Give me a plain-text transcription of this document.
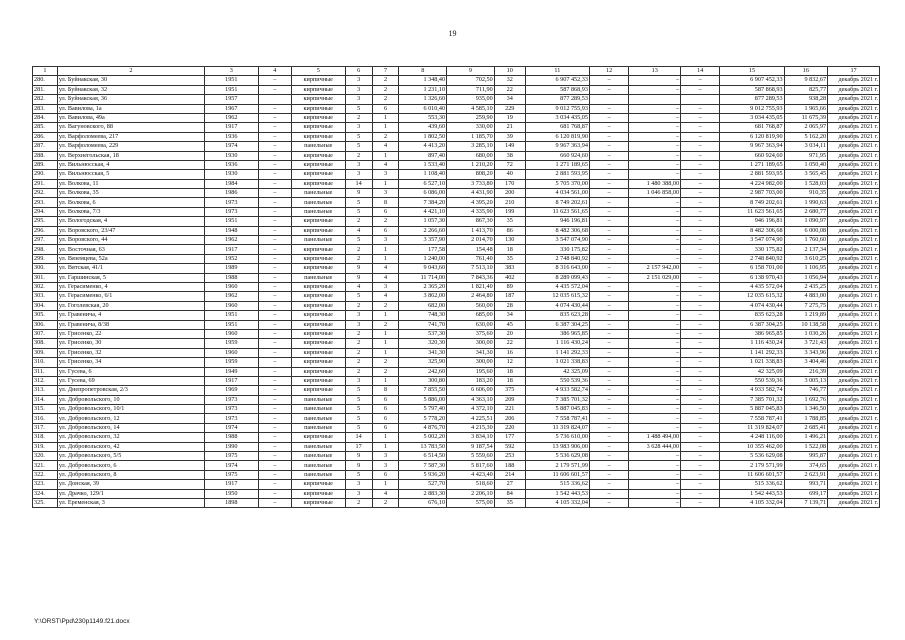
19
1	2	3	4	5	6	7	8	9	10	11	12	13	14	15	16	17
280.	ул. Буйнакская, 30	1951	–	кирпичные	3	2	1 348,40	702,50	32	6 907 452,33	–	–	–	6 907 452,33	9 832,67	декабрь 2021 г.
281.	ул. Буйнакская, 32	1951	–	кирпичные	3	2	1 231,10	711,90	22	587 868,93	–	–	–	587 868,93	825,77	декабрь 2021 г.
282.	ул. Буйнакская, 36	1957		кирпичные	3	2	1 326,60	935,00	34	877 289,53				877 289,53	938,28	декабрь 2021 г.
283.	ул. Вавилова, 1а	1967	–	кирпичные	5	6	6 010,40	4 585,10	229	9 012 755,93	–	–	–	9 012 755,93	1 965,66	декабрь 2021 г.
284.	ул. Вавилова, 49а	1962	–	кирпичные	2	1	553,30	259,90	19	3 034 435,05	–	–	–	3 034 435,05	11 675,39	декабрь 2021 г.
285.	ул. Вагуновского, 88	1917	–	кирпичные	3	1	439,60	330,00	21	681 768,87	–	–	–	681 768,87	2 065,97	декабрь 2021 г.
286.	ул. Варфоломеева, 217	1936	–	кирпичные	5	2	1 802,50	1 185,70	39	6 120 819,90	–	–	–	6 120 819,90	5 162,20	декабрь 2021 г.
287.	ул. Варфоломеева, 229	1974	–	панельные	5	4	4 413,20	3 285,10	149	9 967 363,94	–	–	–	9 967 363,94	3 034,11	декабрь 2021 г.
288.	ул. Верхнегольская, 18	1930	–	кирпичные	2	1	897,40	680,00	38	660 924,60	–	–	–	660 924,60	971,95	декабрь 2021 г.
289.	ул. Вильнюсская, 4	1936	–	кирпичные	3	4	1 533,40	1 210,20	72	1 271 189,65	–	–	–	1 271 189,65	1 050,40	декабрь 2021 г.
290.	ул. Вильнюсская, 5	1930	–	кирпичные	3	3	1 108,40	808,20	40	2 881 593,95	–	–	–	2 881 593,95	3 565,45	декабрь 2021 г.
291.	ул. Волкова, 11	1984	–	кирпичные	14	1	6 527,10	3 733,80	170	5 705 370,00	–	1 480 388,00	–	4 224 982,00	1 528,03	декабрь 2021 г.
292.	ул. Волкова, 35	1986	–	панельные	9	3	6 086,00	4 431,90	200	4 034 561,00	–	1 046 858,00	–	2 987 703,00	910,35	декабрь 2021 г.
293.	ул. Волкова, 6	1973	–	панельные	5	8	7 384,20	4 395,20	210	8 749 202,61	–	–	–	8 749 202,61	1 990,63	декабрь 2021 г.
294.	ул. Волкова, 7/3	1973	–	панельные	5	6	4 421,10	4 335,90	199	11 623 561,65	–	–	–	11 623 561,65	2 680,77	декабрь 2021 г.
295.	ул. Вологодская, 4	1951	–	кирпичные	2	2	1 057,30	867,30	35	946 196,81	–	–	–	946 196,81	1 090,97	декабрь 2021 г.
296.	ул. Воровского, 23/47	1948	–	кирпичные	4	6	2 266,60	1 413,70	86	8 482 306,68	–	–	–	8 482 306,68	6 000,08	декабрь 2021 г.
297.	ул. Воровского, 44	1962	–	панельные	5	3	3 357,90	2 014,70	130	3 547 074,90	–	–	–	3 547 074,90	1 760,60	декабрь 2021 г.
298.	ул. Восточная, 63	1917	–	кирпичные	2	1	177,58	154,48	18	330 175,82	–	–	–	330 175,82	2 137,34	декабрь 2021 г.
299.	ул. Вяземцева, 52а	1952	–	кирпичные	2	1	1 240,00	761,40	35	2 748 840,92	–	–	–	2 748 840,92	3 610,25	декабрь 2021 г.
300.	ул. Вятская, 41/1	1989	–	кирпичные	9	4	9 043,60	7 513,10	383	8 316 643,00	–	2 157 942,00	–	6 158 701,00	1 106,95	декабрь 2021 г.
301.	ул. Гаршинская, 5	1988	–	панельные	9	4	11 714,00	7 843,36	402	8 289 099,43	–	2 151 029,00	–	6 138 970,43	1 056,94	декабрь 2021 г.
302.	ул. Герасименко, 4	1960	–	кирпичные	4	3	2 365,20	1 821,40	89	4 435 572,04	–	–	–	4 435 572,04	2 435,25	декабрь 2021 г.
303.	ул. Герасименко, 6/1	1962	–	кирпичные	5	4	3 862,00	2 464,80	187	12 035 615,32	–	–	–	12 035 615,32	4 883,00	декабрь 2021 г.
304.	ул. Гоголевская, 20	1960	–	кирпичные	2	2	682,00	560,00	28	4 074 430,44	–	–	–	4 074 430,44	7 275,75	декабрь 2021 г.
305.	ул. Гравенича, 4	1951	–	кирпичные	3	1	748,30	685,00	34	835 623,28	–	–	–	835 623,28	1 219,89	декабрь 2021 г.
306.	ул. Гравенича, 8/38	1951	–	кирпичные	3	2	741,70	630,00	45	6 387 304,25	–	–	–	6 387 304,25	10 138,58	декабрь 2021 г.
307.	ул. Грисенко, 22	1960	–	кирпичные	2	1	537,30	375,60	20	386 965,85	–	–	–	386 965,85	1 030,26	декабрь 2021 г.
308.	ул. Грисенко, 30	1959	–	кирпичные	2	1	320,30	300,00	22	1 116 430,24	–	–	–	1 116 430,24	3 721,43	декабрь 2021 г.
309.	ул. Грисенко, 32	1960	–	кирпичные	2	1	341,30	341,30	16	1 141 292,33	–	–	–	1 141 292,33	3 343,96	декабрь 2021 г.
310.	ул. Грисенко, 34	1959	–	кирпичные	2	2	325,90	300,00	12	1 021 338,83	–	–	–	1 021 338,83	3 404,46	декабрь 2021 г.
311.	ул. Гусева, 6	1949	–	кирпичные	2	2	242,60	195,60	18	42 325,09	–	–	–	42 325,09	216,39	декабрь 2021 г.
312.	ул. Гусева, 69	1917	–	кирпичные	3	1	300,80	183,20	18	550 539,36	–	–	–	550 539,36	3 005,13	декабрь 2021 г.
313.	ул. Днепропетровская, 2/3	1969	–	кирпичные	5	8	7 855,50	6 606,00	375	4 933 582,74	–	–	–	4 933 582,74	746,77	декабрь 2021 г.
314.	ул. Добровольского, 10	1973	–	панельные	5	6	5 886,00	4 363,10	209	7 385 701,32	–	–	–	7 385 701,32	1 692,76	декабрь 2021 г.
315.	ул. Добровольского, 10/1	1973	–	панельные	5	6	5 797,40	4 372,10	221	5 887 045,83	–	–	–	5 887 045,83	1 346,50	декабрь 2021 г.
316.	ул. Добровольского, 12	1973	–	панельные	5	6	5 778,20	4 225,51	206	7 558 787,41	–	–	–	7 558 787,41	1 788,85	декабрь 2021 г.
317.	ул. Добровольского, 14	1974	–	панельные	5	6	4 876,70	4 215,30	220	11 319 824,07	–	–	–	11 319 824,07	2 685,41	декабрь 2021 г.
318.	ул. Добровольского, 32	1988	–	кирпичные	14	1	5 002,20	3 834,10	177	5 736 610,00	–	1 488 494,00	–	4 248 116,00	1 496,21	декабрь 2021 г.
319.	ул. Добровольского, 42	1990	–	панельные	17	1	13 783,50	9 187,54	592	13 983 906,00	–	3 628 444,00	–	10 355 462,00	1 522,08	декабрь 2021 г.
320.	ул. Добровольского, 5/5	1975	–	панельные	9	3	6 514,50	5 559,60	253	5 536 629,08	–	–	–	5 536 629,08	995,87	декабрь 2021 г.
321.	ул. Добровольского, 6	1974	–	панельные	9	3	7 587,30	5 817,60	188	2 179 571,99	–	–	–	2 179 571,99	374,65	декабрь 2021 г.
322.	ул. Добровольского, 8	1975	–	панельные	5	6	5 936,20	4 423,40	214	11 606 601,57	–	–	–	11 606 601,57	2 623,91	декабрь 2021 г.
323.	ул. Донская, 39	1917	–	кирпичные	3	1	527,70	518,60	27	515 336,62	–	–	–	515 336,62	993,71	декабрь 2021 г.
324.	ул. Драчко, 129/1	1950	–	кирпичные	3	4	2 883,30	2 206,10	84	1 542 443,53	–	–	–	1 542 443,53	699,17	декабрь 2021 г.
325.	ул. Еременская, 3	1898	–	кирпичные	2	2	676,10	575,00	35	4 105 332,04	–	–	–	4 105 332,04	7 139,71	декабрь 2021 г.
Y:\ORST\Ppd\230p1149.f21.docx
